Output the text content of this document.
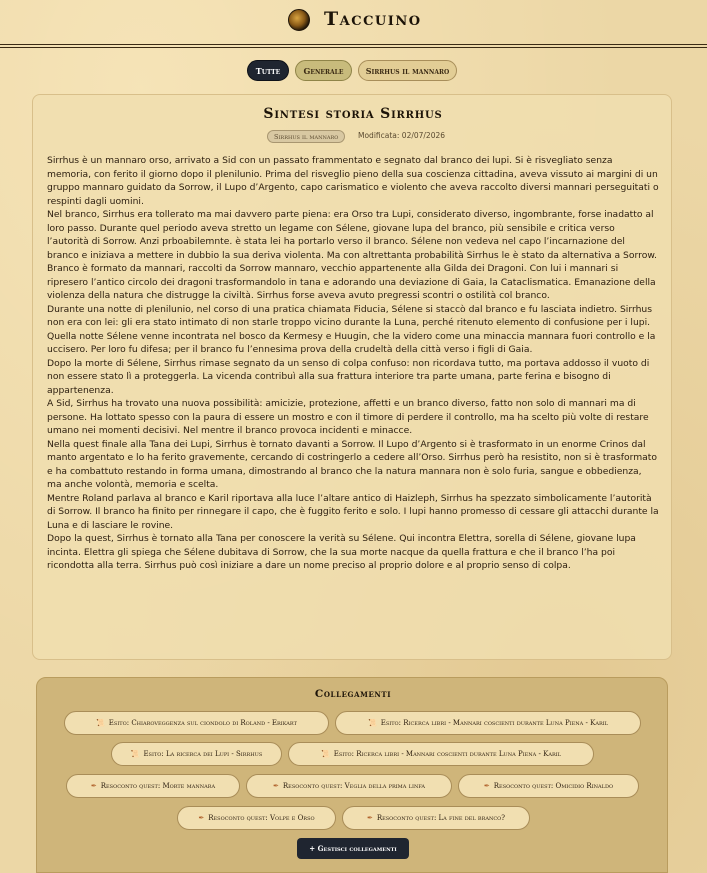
Taccuino
Tutte	Generale	Sirrhus il mannaro
Sintesi storia Sirrhus
Sirrhus il mannaro	Modificata: 02/07/2026

Sirrhus è un mannaro orso, arrivato a Sid con un passato frammentato e segnato dal branco dei lupi. Si è risvegliato senza memoria, con ferito il giorno dopo il plenilunio. Prima del risveglio pieno della sua coscienza cittadina, aveva vissuto ai margini di un gruppo mannaro guidato da Sorrow, il Lupo d’Argento, capo carismatico e violento che aveva raccolto diversi mannari perseguitati o respinti dagli uomini.

Nel branco, Sirrhus era tollerato ma mai davvero parte piena: era Orso tra Lupi, considerato diverso, ingombrante, forse inadatto al loro passo. Durante quel periodo aveva stretto un legame con Sélene, giovane lupa del branco, più sensibile e critica verso l’autorità di Sorrow. Anzi prboabilemnte. è stata lei ha portarlo verso il branco. Sélene non vedeva nel capo l’incarnazione del branco e iniziava a mettere in dubbio la sua deriva violenta. Ma con altrettanta probabilità Sirrhus le è stato da alternativa a Sorrow.

Branco è formato da mannari, raccolti da Sorrow mannaro, vecchio appartenente alla Gilda dei Dragoni. Con lui i mannari si ripresero l’antico circolo dei dragoni trasformandolo in tana e adorando una deviazione di Gaia, la Cataclismatica. Emanazione della violenza della natura che distrugge la civiltà. Sirrhus forse aveva avuto pregressi scontri o ostilità col branco.

Durante una notte di plenilunio, nel corso di una pratica chiamata Fiducia, Sélene si staccò dal branco e fu lasciata indietro. Sirrhus non era con lei: gli era stato intimato di non starle troppo vicino durante la Luna, perché ritenuto elemento di confusione per i lupi. Quella notte Sélene venne incontrata nel bosco da Kermesy e Huugin, che la videro come una minaccia mannara fuori controllo e la uccisero. Per loro fu difesa; per il branco fu l’ennesima prova della crudeltà della città verso i figli di Gaia.

Dopo la morte di Sélene, Sirrhus rimase segnato da un senso di colpa confuso: non ricordava tutto, ma portava addosso il vuoto di non essere stato lì a proteggerla. La vicenda contribuì alla sua frattura interiore tra parte umana, parte ferina e bisogno di appartenenza.

A Sid, Sirrhus ha trovato una nuova possibilità: amicizie, protezione, affetti e un branco diverso, fatto non solo di mannari ma di persone. Ha lottato spesso con la paura di essere un mostro e con il timore di perdere il controllo, ma ha scelto più volte di restare umano nei momenti decisivi. Nel mentre il branco provoca incidenti e minacce.

Nella quest finale alla Tana dei Lupi, Sirrhus è tornato davanti a Sorrow. Il Lupo d’Argento si è trasformato in un enorme Crinos dal manto argentato e lo ha ferito gravemente, cercando di costringerlo a cedere all’Orso. Sirrhus però ha resistito, non si è trasformato e ha combattuto restando in forma umana, dimostrando al branco che la natura mannara non è solo furia, sangue e obbedienza, ma anche volontà, memoria e scelta.

Mentre Roland parlava al branco e Karil riportava alla luce l’altare antico di Haizleph, Sirrhus ha spezzato simbolicamente l’autorità di Sorrow. Il branco ha finito per rinnegare il capo, che è fuggito ferito e solo. I lupi hanno promesso di cessare gli attacchi durante la Luna e di lasciare le rovine.

Dopo la quest, Sirrhus è tornato alla Tana per conoscere la verità su Sélene. Qui incontra Elettra, sorella di Sélene, giovane lupa incinta. Elettra gli spiega che Sélene dubitava di Sorrow, che la sua morte nacque da quella frattura e che il branco l’ha poi ricondotta alla terra. Sirrhus può così iniziare a dare un nome preciso al proprio dolore e al proprio senso di colpa.

Collegamenti
📜 Esito: Chiaroveggenza sul ciondolo di Roland - Erikart	📜 Esito: Ricerca libri - Mannari coscienti durante Luna Piena - Karil
📜 Esito: La ricerca dei Lupi - Sirrhus	📜 Esito: Ricerca libri - Mannari coscienti durante Luna Piena - Karil
✒ Resoconto quest: Morte mannara	✒ Resoconto quest: Veglia della prima linfa	✒ Resoconto quest: Omicidio Rinaldo
✒ Resoconto quest: Volpe e Orso	✒ Resoconto quest: La fine del branco?
+ Gestisci collegamenti
